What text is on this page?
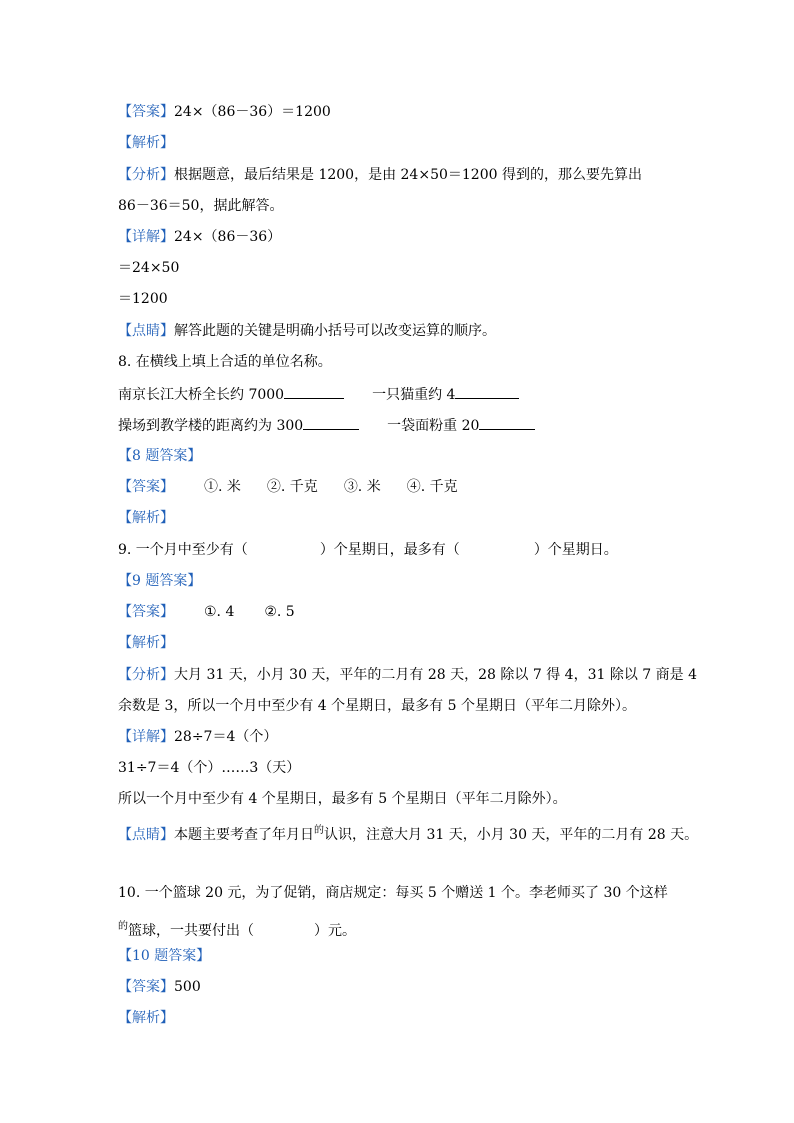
【答案】24×（86－36）＝1200
【解析】
【分析】根据题意，最后结果是 1200，是由 24×50＝1200 得到的，那么要先算出
86－36＝50，据此解答。
【详解】24×（86－36）
＝24×50
＝1200
【点睛】解答此题的关键是明确小括号可以改变运算的顺序。
8. 在横线上填上合适的单位名称。
南京长江大桥全长约 7000	一只猫重约 4
操场到教学楼的距离约为 300	一袋面粉重 20
【8 题答案】
【答案】 ①. 米 ②. 千克 ③. 米 ④. 千克
【解析】
9. 一个月中至少有（	）个星期日，最多有（	）个星期日。
【9 题答案】
【答案】 ①. 4 ②. 5
【解析】
【分析】大月 31 天，小月 30 天，平年的二月有 28 天，28 除以 7 得 4，31 除以 7 商是 4
余数是 3，所以一个月中至少有 4 个星期日，最多有 5 个星期日（平年二月除外）。
【详解】28÷7＝4（个）
31÷7＝4（个）……3（天）
所以一个月中至少有 4 个星期日，最多有 5 个星期日（平年二月除外）。
【点睛】本题主要考查了年月日$^的$认识，注意大月 31 天，小月 30 天，平年的二月有 28 天。
10. 一个篮球 20 元，为了促销，商店规定：每买 5 个赠送 1 个。李老师买了 30 个这样
$^的$篮球，一共要付出（	）元。
【10 题答案】
【答案】500
【解析】
